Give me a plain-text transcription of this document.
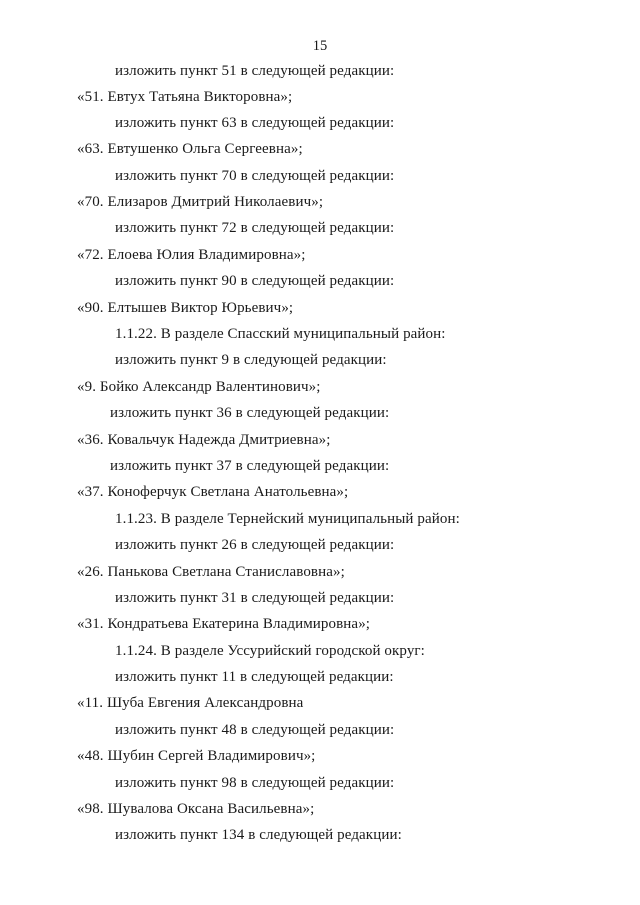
15
изложить пункт 51 в следующей редакции:
«51. Евтух Татьяна Викторовна»;
изложить пункт 63 в следующей редакции:
«63. Евтушенко Ольга Сергеевна»;
изложить пункт 70 в следующей редакции:
«70. Елизаров Дмитрий Николаевич»;
изложить пункт 72 в следующей редакции:
«72. Елоева Юлия Владимировна»;
изложить пункт 90 в следующей редакции:
«90. Елтышев Виктор Юрьевич»;
1.1.22. В разделе Спасский муниципальный район:
изложить пункт 9 в следующей редакции:
«9. Бойко Александр Валентинович»;
изложить пункт 36 в следующей редакции:
«36. Ковальчук Надежда Дмитриевна»;
изложить пункт 37 в следующей редакции:
«37. Коноферчук Светлана Анатольевна»;
1.1.23. В разделе Тернейский муниципальный район:
изложить пункт 26 в следующей редакции:
«26. Панькова Светлана Станиславовна»;
изложить пункт 31 в следующей редакции:
«31. Кондратьева Екатерина Владимировна»;
1.1.24. В разделе Уссурийский городской округ:
изложить пункт 11 в следующей редакции:
«11. Шуба Евгения Александровна
изложить пункт 48 в следующей редакции:
«48. Шубин Сергей Владимирович»;
изложить пункт 98 в следующей редакции:
«98. Шувалова Оксана Васильевна»;
изложить пункт 134 в следующей редакции:
